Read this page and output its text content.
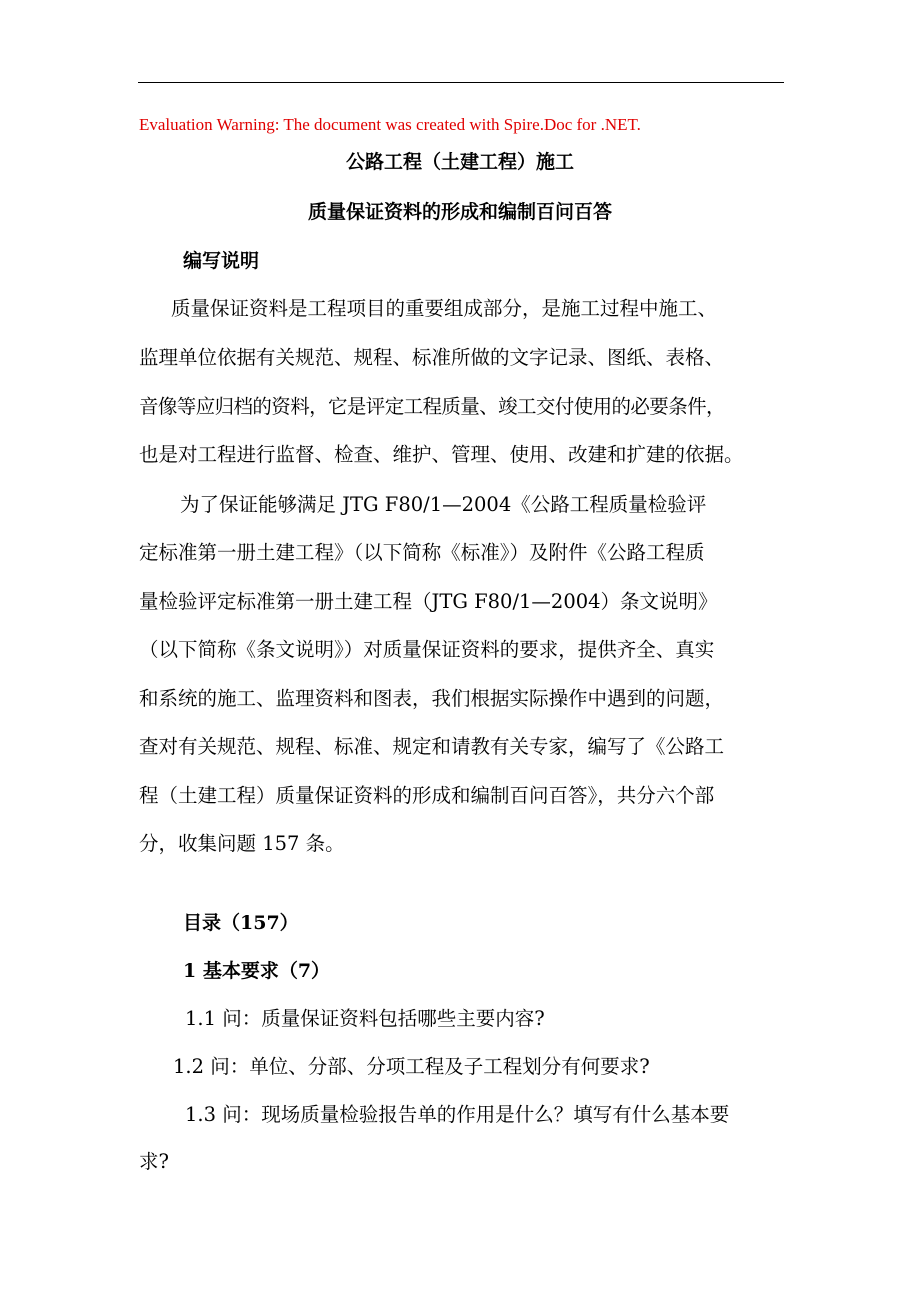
Evaluation Warning: The document was created with Spire.Doc for .NET.
公路工程（土建工程）施工
质量保证资料的形成和编制百问百答
编写说明
质量保证资料是工程项目的重要组成部分，是施工过程中施工、
监理单位依据有关规范、规程、标准所做的文字记录、图纸、表格、
音像等应归档的资料，它是评定工程质量、竣工交付使用的必要条件，
也是对工程进行监督、检查、维护、管理、使用、改建和扩建的依据。
为了保证能够满足 JTG F80/1—2004《公路工程质量检验评
定标准第一册土建工程》（以下简称《标准》）及附件《公路工程质
量检验评定标准第一册土建工程（JTG F80/1—2004）条文说明》
（以下简称《条文说明》）对质量保证资料的要求，提供齐全、真实
和系统的施工、监理资料和图表，我们根据实际操作中遇到的问题，
查对有关规范、规程、标准、规定和请教有关专家，编写了《公路工
程（土建工程）质量保证资料的形成和编制百问百答》，共分六个部
分，收集问题 157 条。
目录（157）
1 基本要求（7）
1.1 问：质量保证资料包括哪些主要内容?
1.2 问：单位、分部、分项工程及子工程划分有何要求?
1.3 问：现场质量检验报告单的作用是什么？填写有什么基本要
求?
